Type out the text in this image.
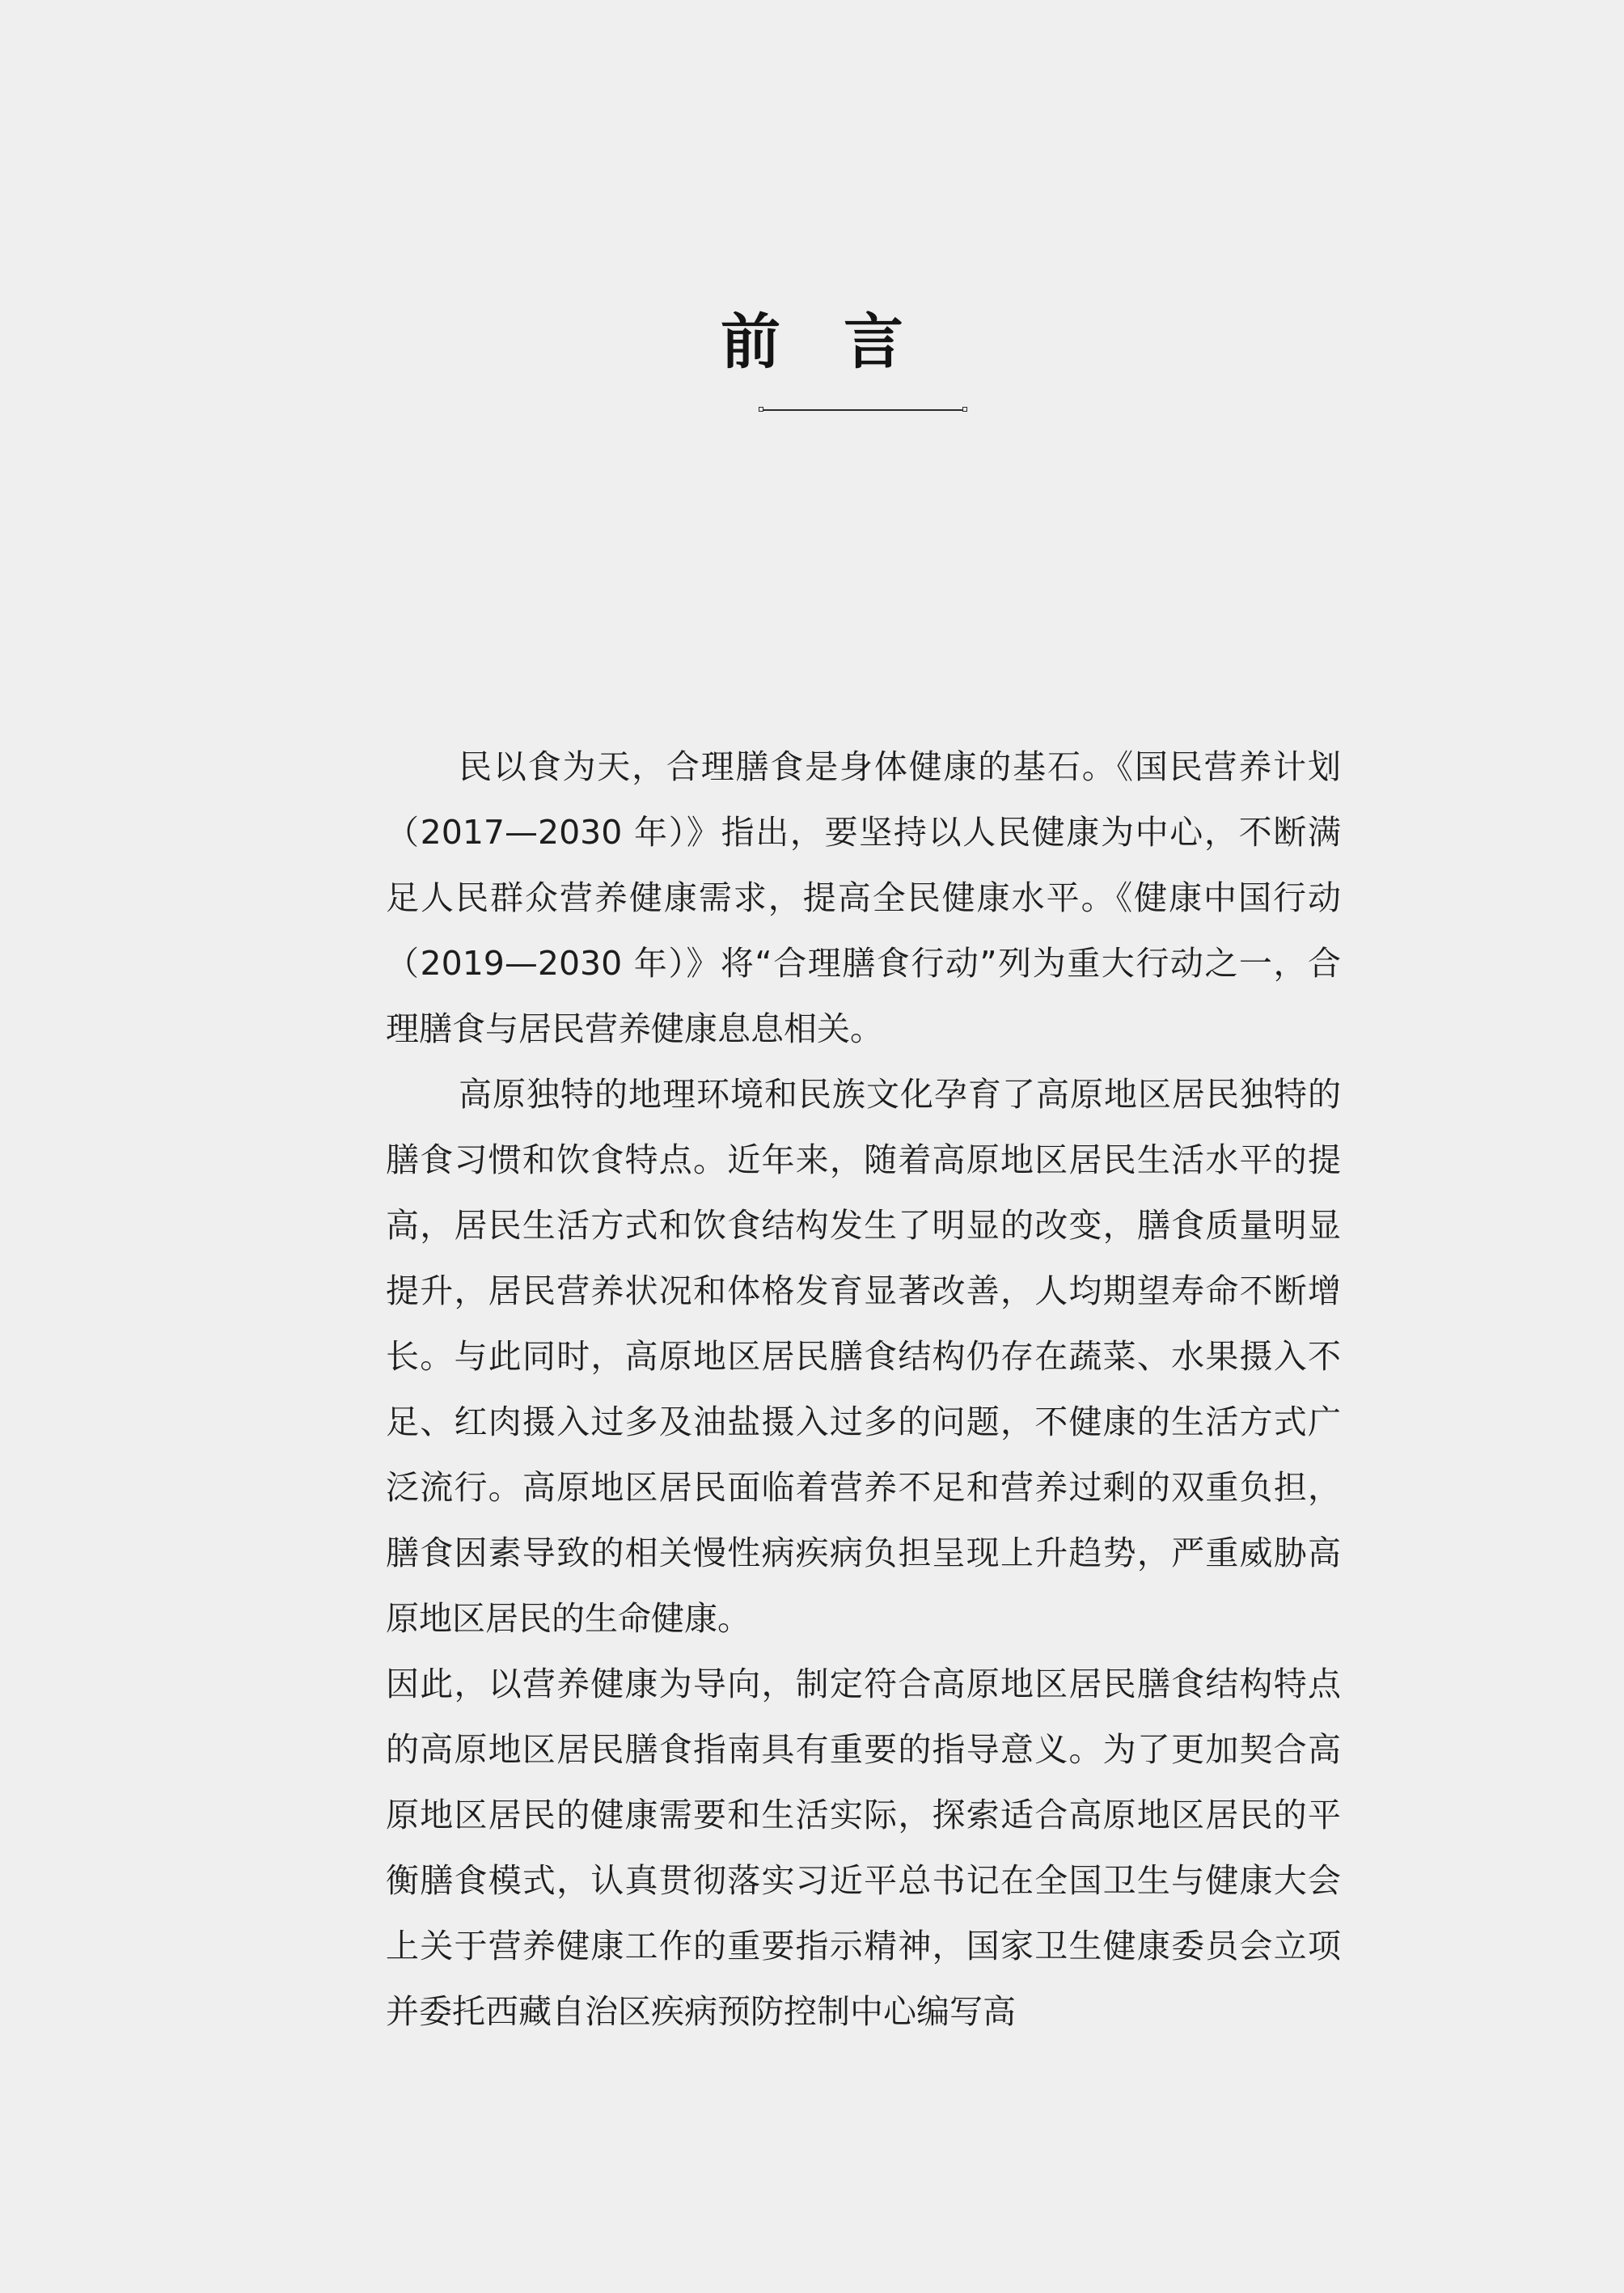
前言

民以食为天，合理膳食是身体健康的基石。《国民营养计划（2017—2030 年）》指出，要坚持以人民健康为中心，不断满足人民群众营养健康需求，提高全民健康水平。《健康中国行动（2019—2030 年）》将“合理膳食行动”列为重大行动之一，合理膳食与居民营养健康息息相关。

高原独特的地理环境和民族文化孕育了高原地区居民独特的膳食习惯和饮食特点。近年来，随着高原地区居民生活水平的提高，居民生活方式和饮食结构发生了明显的改变，膳食质量明显提升，居民营养状况和体格发育显著改善，人均期望寿命不断增长。与此同时，高原地区居民膳食结构仍存在蔬菜、水果摄入不足、红肉摄入过多及油盐摄入过多的问题，不健康的生活方式广泛流行。高原地区居民面临着营养不足和营养过剩的双重负担，膳食因素导致的相关慢性病疾病负担呈现上升趋势，严重威胁高原地区居民的生命健康。

因此，以营养健康为导向，制定符合高原地区居民膳食结构特点的高原地区居民膳食指南具有重要的指导意义。为了更加契合高原地区居民的健康需要和生活实际，探索适合高原地区居民的平衡膳食模式，认真贯彻落实习近平总书记在全国卫生与健康大会上关于营养健康工作的重要指示精神，国家卫生健康委员会立项并委托西藏自治区疾病预防控制中心编写高
